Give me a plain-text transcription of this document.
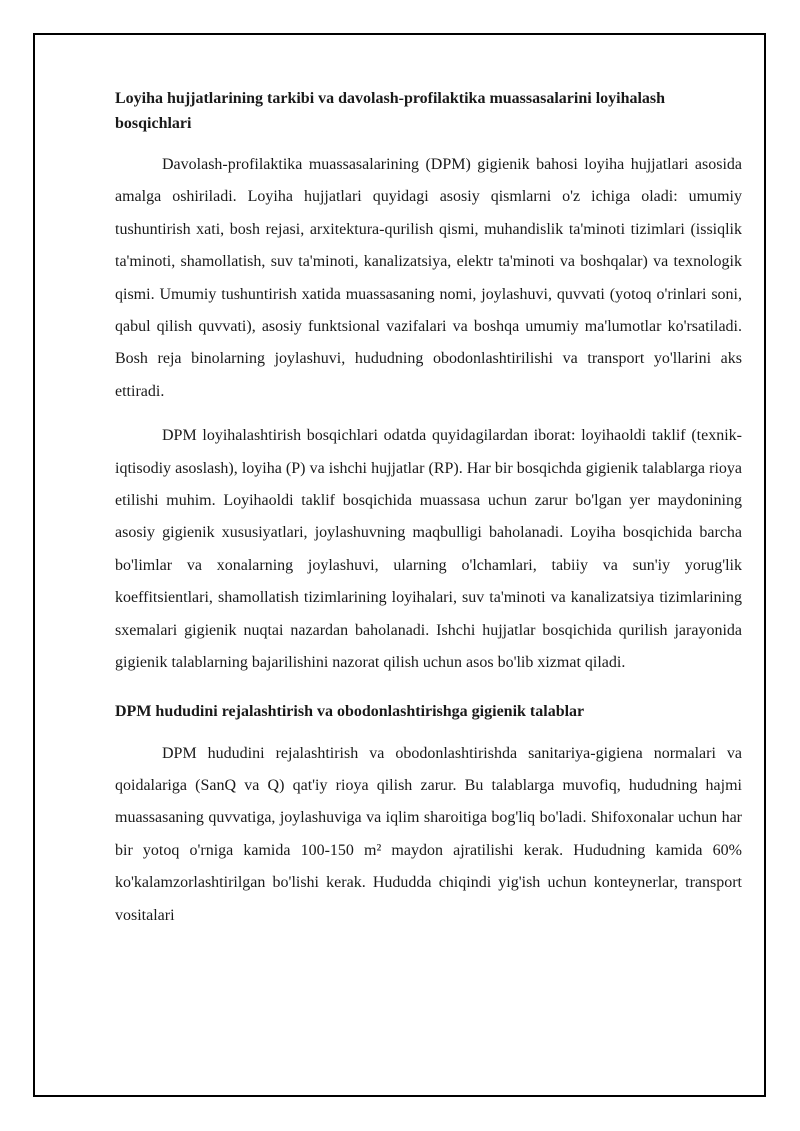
Loyiha hujjatlarining tarkibi va davolash-profilaktika muassasalarini loyihalash bosqichlari

Davolash-profilaktika muassasalarining (DPM) gigienik bahosi loyiha hujjatlari asosida amalga oshiriladi. Loyiha hujjatlari quyidagi asosiy qismlarni o'z ichiga oladi: umumiy tushuntirish xati, bosh rejasi, arxitektura-qurilish qismi, muhandislik ta'minoti tizimlari (issiqlik ta'minoti, shamollatish, suv ta'minoti, kanalizatsiya, elektr ta'minoti va boshqalar) va texnologik qismi. Umumiy tushuntirish xatida muassasaning nomi, joylashuvi, quvvati (yotoq o'rinlari soni, qabul qilish quvvati), asosiy funktsional vazifalari va boshqa umumiy ma'lumotlar ko'rsatiladi. Bosh reja binolarning joylashuvi, hududning obodonlashtirilishi va transport yo'llarini aks ettiradi.

DPM loyihalashtirish bosqichlari odatda quyidagilardan iborat: loyihaoldi taklif (texnik-iqtisodiy asoslash), loyiha (P) va ishchi hujjatlar (RP). Har bir bosqichda gigienik talablarga rioya etilishi muhim. Loyihaoldi taklif bosqichida muassasa uchun zarur bo'lgan yer maydonining asosiy gigienik xususiyatlari, joylashuvning maqbulligi baholanadi. Loyiha bosqichida barcha bo'limlar va xonalarning joylashuvi, ularning o'lchamlari, tabiiy va sun'iy yorug'lik koeffitsientlari, shamollatish tizimlarining loyihalari, suv ta'minoti va kanalizatsiya tizimlarining sxemalari gigienik nuqtai nazardan baholanadi. Ishchi hujjatlar bosqichida qurilish jarayonida gigienik talablarning bajarilishini nazorat qilish uchun asos bo'lib xizmat qiladi.

DPM hududini rejalashtirish va obodonlashtirishga gigienik talablar

DPM hududini rejalashtirish va obodonlashtirishda sanitariya-gigiena normalari va qoidalariga (SanQ va Q) qat'iy rioya qilish zarur. Bu talablarga muvofiq, hududning hajmi muassasaning quvvatiga, joylashuviga va iqlim sharoitiga bog'liq bo'ladi. Shifoxonalar uchun har bir yotoq o'rniga kamida 100-150 m² maydon ajratilishi kerak. Hududning kamida 60% ko'kalamzorlashtirilgan bo'lishi kerak. Hududda chiqindi yig'ish uchun konteynerlar, transport vositalari
